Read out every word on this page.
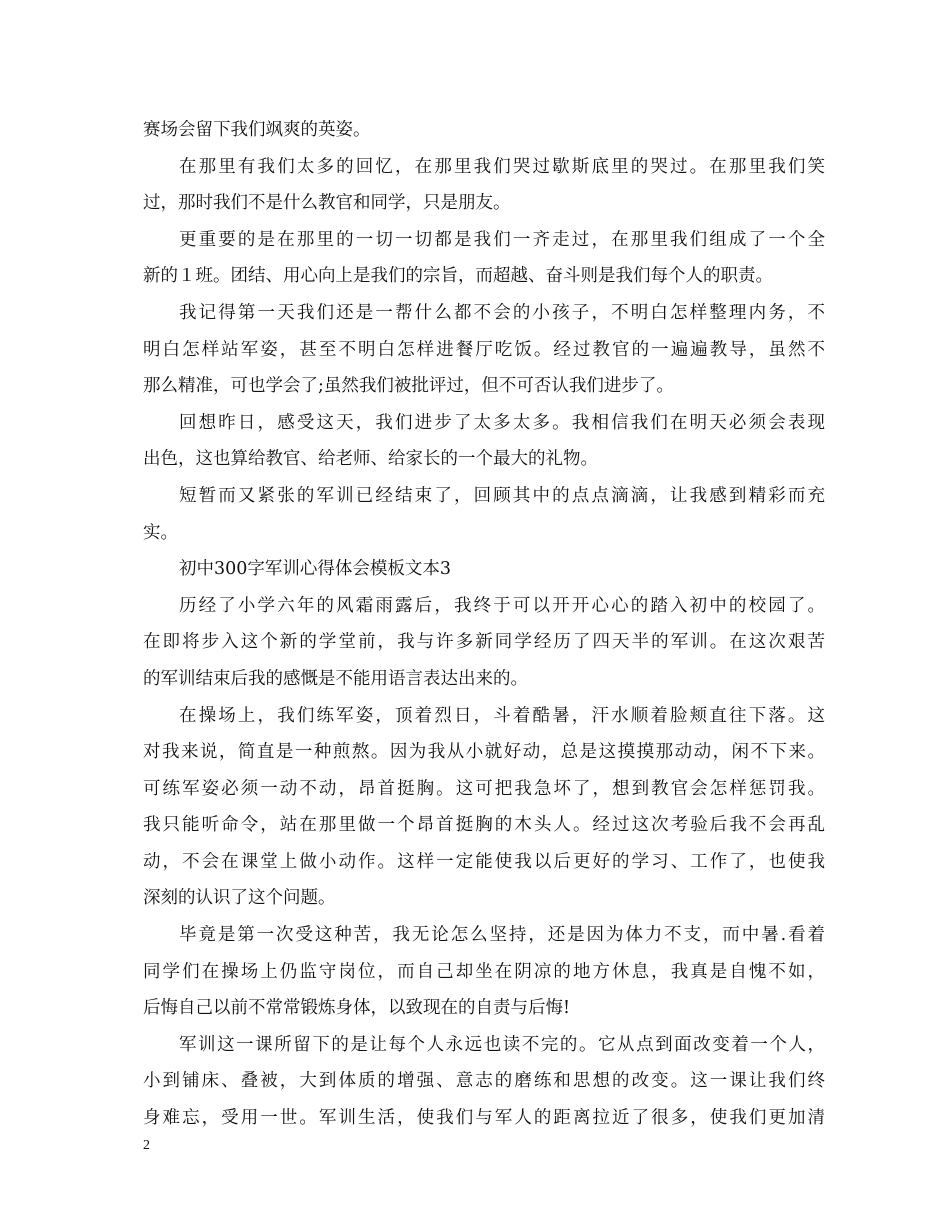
赛场会留下我们飒爽的英姿。
在那里有我们太多的回忆，在那里我们哭过歇斯底里的哭过。在那里我们笑
过，那时我们不是什么教官和同学，只是朋友。
更重要的是在那里的一切一切都是我们一齐走过，在那里我们组成了一个全
新的１班。团结、用心向上是我们的宗旨，而超越、奋斗则是我们每个人的职责。
我记得第一天我们还是一帮什么都不会的小孩子，不明白怎样整理内务，不
明白怎样站军姿，甚至不明白怎样进餐厅吃饭。经过教官的一遍遍教导，虽然不
那么精准，可也学会了;虽然我们被批评过，但不可否认我们进步了。
回想昨日，感受这天，我们进步了太多太多。我相信我们在明天必须会表现
出色，这也算给教官、给老师、给家长的一个最大的礼物。
短暂而又紧张的军训已经结束了，回顾其中的点点滴滴，让我感到精彩而充
实。
初中300字军训心得体会模板文本3
历经了小学六年的风霜雨露后，我终于可以开开心心的踏入初中的校园了。
在即将步入这个新的学堂前，我与许多新同学经历了四天半的军训。在这次艰苦
的军训结束后我的感慨是不能用语言表达出来的。
在操场上，我们练军姿，顶着烈日，斗着酷暑，汗水顺着脸颊直往下落。这
对我来说，简直是一种煎熬。因为我从小就好动，总是这摸摸那动动，闲不下来。
可练军姿必须一动不动，昂首挺胸。这可把我急坏了，想到教官会怎样惩罚我。
我只能听命令，站在那里做一个昂首挺胸的木头人。经过这次考验后我不会再乱
动，不会在课堂上做小动作。这样一定能使我以后更好的学习、工作了，也使我
深刻的认识了这个问题。
毕竟是第一次受这种苦，我无论怎么坚持，还是因为体力不支，而中暑.看着
同学们在操场上仍监守岗位，而自己却坐在阴凉的地方休息，我真是自愧不如，
后悔自己以前不常常锻炼身体，以致现在的自责与后悔!
军训这一课所留下的是让每个人永远也读不完的。它从点到面改变着一个人，
小到铺床、叠被，大到体质的增强、意志的磨练和思想的改变。这一课让我们终
身难忘，受用一世。军训生活，使我们与军人的距离拉近了很多，使我们更加清
2
